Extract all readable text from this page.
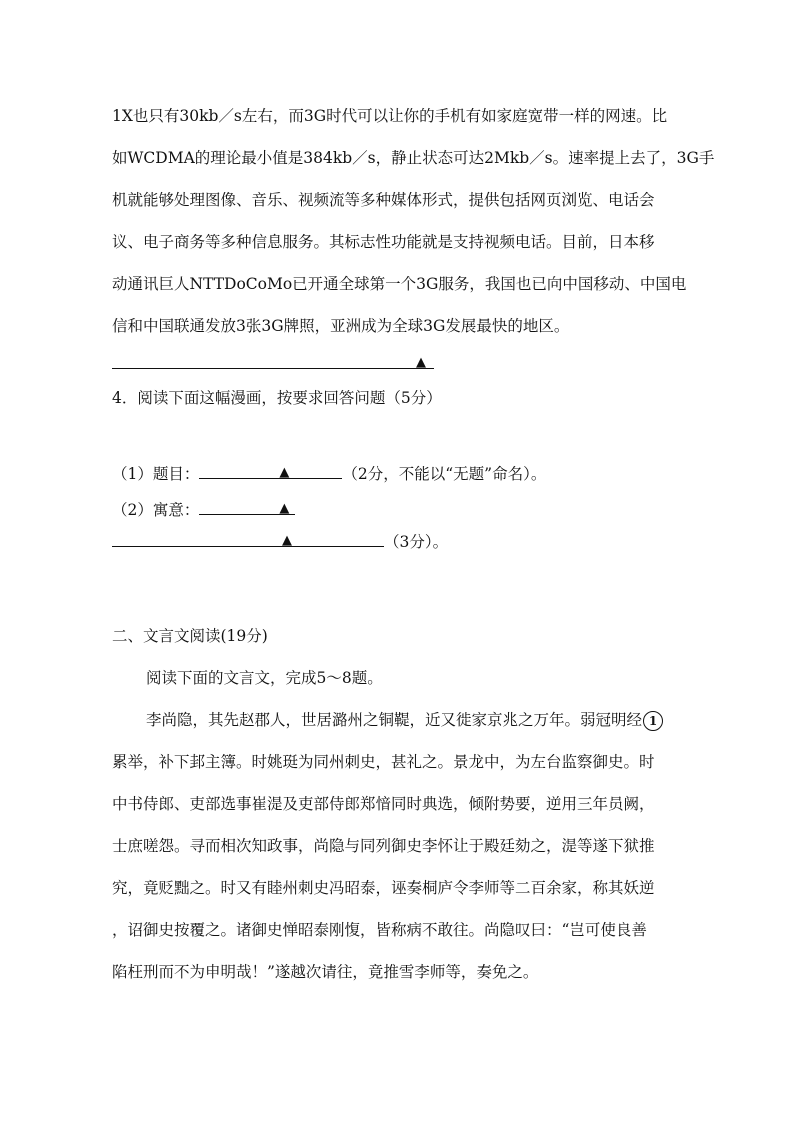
1X也只有30kb／s左右，而3G时代可以让你的手机有如家庭宽带一样的网速。比
如WCDMA的理论最小值是384kb／s，静止状态可达2Mkb／s。速率提上去了，3G手
机就能够处理图像、音乐、视频流等多种媒体形式，提供包括网页浏览、电话会
议、电子商务等多种信息服务。其标志性功能就是支持视频电话。目前，日本移
动通讯巨人NTTDoCoMo已开通全球第一个3G服务，我国也已向中国移动、中国电
信和中国联通发放3张3G牌照，亚洲成为全球3G发展最快的地区。
▲
4．阅读下面这幅漫画，按要求回答问题（5分）
（1）题目：	▲	（2分，不能以“无题”命名）。
（2）寓意：	▲
▲	（3分）。
二、文言文阅读(19分)
阅读下面的文言文，完成5～8题。
李尚隐，其先赵郡人，世居潞州之铜鞮，近又徙家京兆之万年。弱冠明经 1
累举，补下邽主簿。时姚珽为同州刺史，甚礼之。景龙中，为左台监察御史。时
中书侍郎、吏部选事崔湜及吏部侍郎郑愔同时典选，倾附势要，逆用三年员阙，
士庶嗟怨。寻而相次知政事，尚隐与同列御史李怀让于殿廷劾之，湜等遂下狱推
究，竟贬黜之。时又有睦州刺史冯昭泰，诬奏桐庐令李师等二百余家，称其妖逆
，诏御史按覆之。诸御史惮昭泰刚愎，皆称病不敢往。尚隐叹曰：“岂可使良善
陷枉刑而不为申明哉！”遂越次请往，竟推雪李师等，奏免之。
